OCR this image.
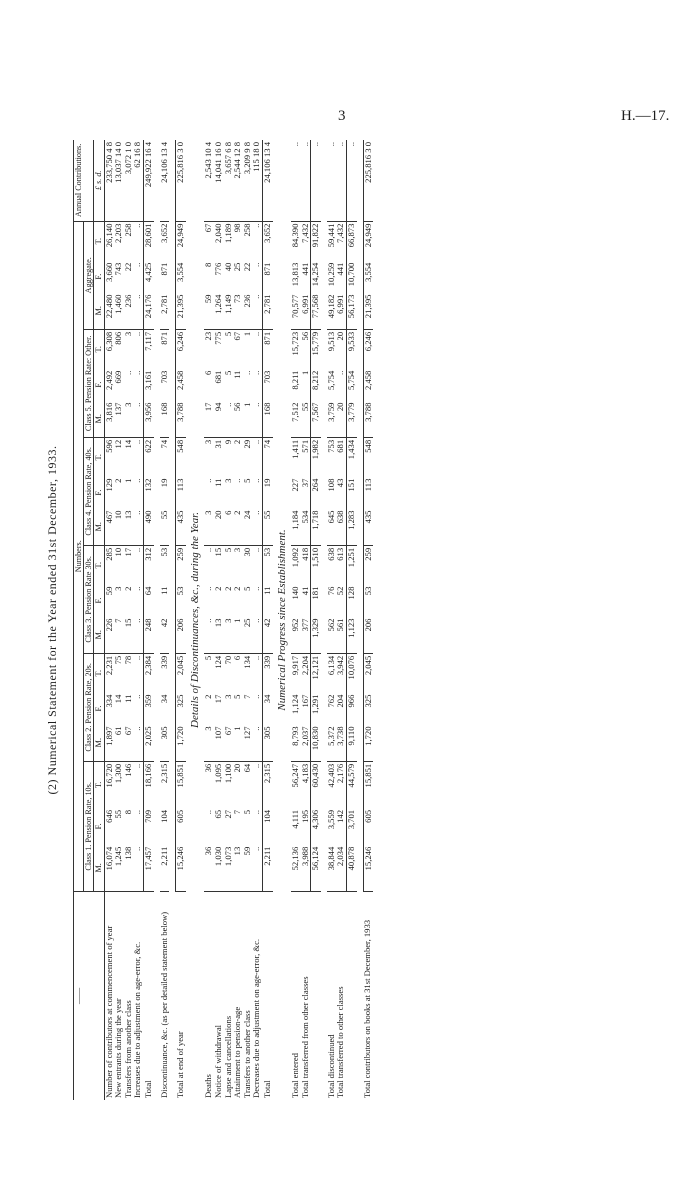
3	H.—17.
(2) Numerical Statement for the Year ended 31st December, 1933.
——	Numbers.																		Annual Contributions.
	Class 1. Pension Rate, 10s.			Class 2. Pension Rate, 20s.			Class 3. Pension Rate 30s.			Class 4. Pension Rate, 40s.			Class 5. Pension Rate: Other.			Aggregate.			
	M.	F.	T.	M.	F.	T.	M.	F.	T.	M.	F.	T.	M.	F.	T.	M.	F.	T.	£ s. d.

Number of contributors at commencement of year	16,074	646	16,720	1,897	334	2,231	226	59	285	467	129	596	3,816	2,492	6,308	22,480	3,660	26,140	233,750 4 8

New entrants during the year	1,245	55	1,300	61	14	75	7	3	10	10	2	12	137	669	806	1,460	743	2,203	13,037 14 0

Transfers from another class	138	8	146	67	11	78	15	2	17	13	1	14	3	..	3	236	22	258	3,072 1 0

Increases due to adjustment on age-error, &c.	..	..	..	..	..	..	..	..	..	..	..	..	..	..	..	..	..	..	62 16 8

Total	17,457	709	18,166	2,025	359	2,384	248	64	312	490	132	622	3,956	3,161	7,117	24,176	4,425	28,601	249,922 16 4

Discontinuance, &c. (as per detailed statement below)	2,211	104	2,315	305	34	339	42	11	53	55	19	74	168	703	871	2,781	871	3,652	24,106 13 4

Total at end of year	15,246	605	15,851	1,720	325	2,045	206	53	259	435	113	548	3,788	2,458	6,246	21,395	3,554	24,949	225,816 3 0
Details of Discontinuances, &c., during the Year.																			

Deaths	36	..	36	3	2	5	..	..	..	3	..	3	17	6	23	59	8	67	2,543 10 4

Notice of withdrawal	1,030	65	1,095	107	17	124	13	2	15	20	11	31	94	681	775	1,264	776	2,040	14,041 16 0

Lapse and cancellations	1,073	27	1,100	67	3	70	3	2	5	6	3	9	..	5	5	1,149	40	1,189	3,657 6 8

Attainment to pension-age	13	7	20	1	5	6	1	2	3	2	..	2	56	11	67	73	25	98	2,544 12 8

Transfers to another class	59	5	64	127	7	134	25	5	30	24	5	29	1	..	1	236	22	258	3,209 9 8

Decreases due to adjustment on age-error, &c.	..	..	..	..	..	..	..	..	..	..	..	..	..	..	..	..	..	..	115 18 0

Total	2,211	104	2,315	305	34	339	42	11	53	55	19	74	168	703	871	2,781	871	3,652	24,106 13 4
Numerical Progress since Establishment.																			

Total entered	52,136	4,111	56,247	8,793	1,124	9,917	952	140	1,092	1,184	227	1,411	7,512	8,211	15,723	70,577	13,813	84,390	..

Total transferred from other classes	3,988	195	4,183	2,037	167	2,204	377	41	418	534	37	571	55	1	56	6,991	441	7,432	..

	56,124	4,306	60,430	10,830	1,291	12,121	1,329	181	1,510	1,718	264	1,982	7,567	8,212	15,779	77,568	14,254	91,822	..

Total discontinued	38,844	3,559	42,403	5,372	762	6,134	562	76	638	645	108	753	3,759	5,754	9,513	49,182	10,259	59,441	..

Total transferred to other classes	2,034	142	2,176	3,738	204	3,942	561	52	613	638	43	681	20	..	20	6,991	441	7,432	..

	40,878	3,701	44,579	9,110	966	10,076	1,123	128	1,251	1,283	151	1,434	3,779	5,754	9,533	56,173	10,700	66,873	..

Total contributors on books at 31st December, 1933	15,246	605	15,851	1,720	325	2,045	206	53	259	435	113	548	3,788	2,458	6,246	21,395	3,554	24,949	225,816 3 0
